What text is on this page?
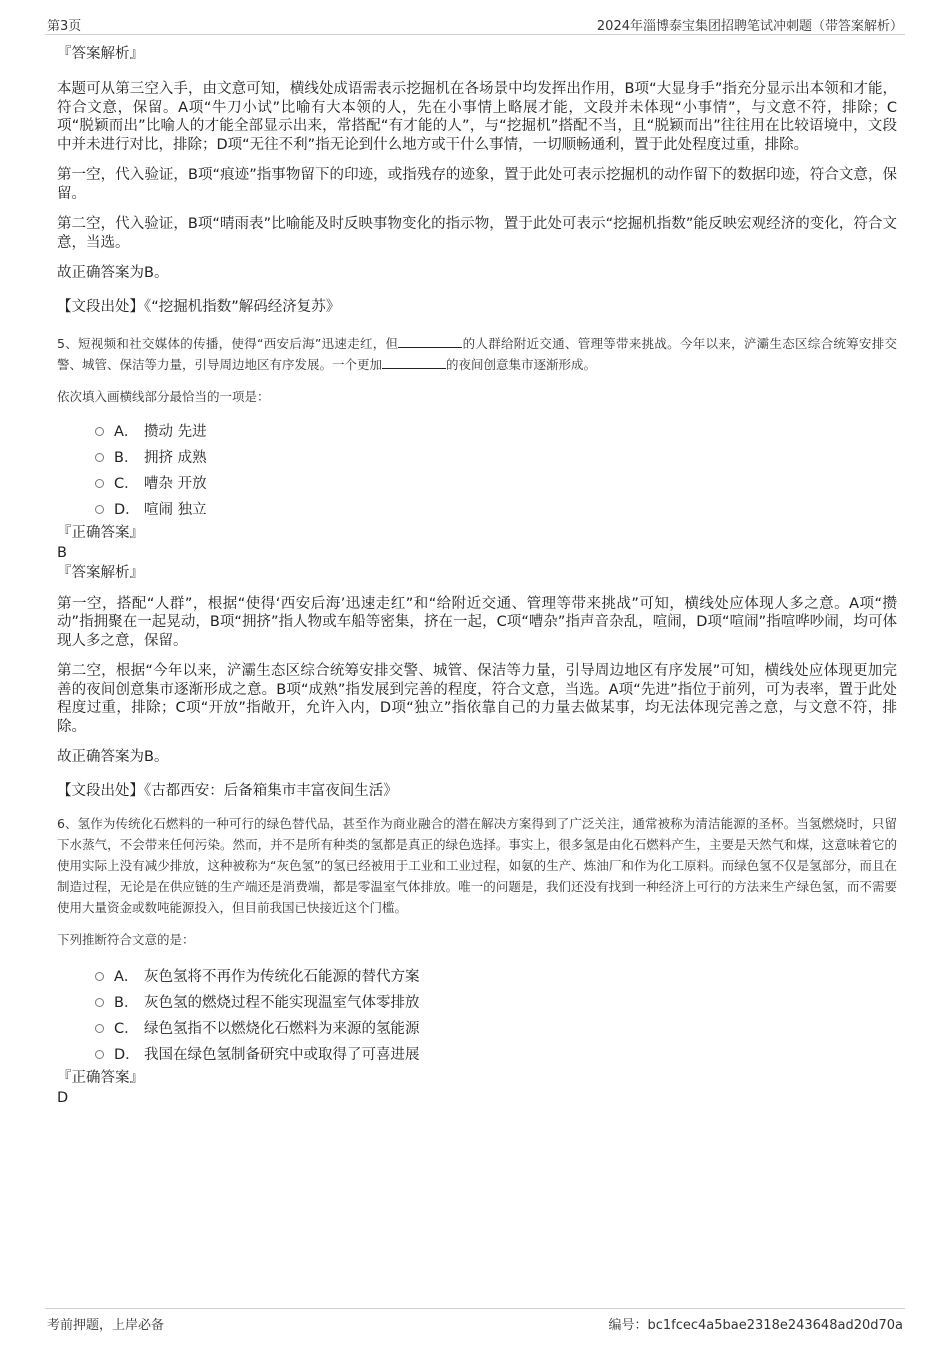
第3页	2024年淄博泰宝集团招聘笔试冲刺题（带答案解析）

『答案解析』

本题可从第三空入手，由文意可知，横线处成语需表示挖掘机在各场景中均发挥出作用，B项“大显身手”指充分显示出本领和才能，符合文意，保留。A项“牛刀小试”比喻有大本领的人，先在小事情上略展才能，文段并未体现“小事情”，与文意不符，排除；C项“脱颖而出”比喻人的才能全部显示出来，常搭配“有才能的人”，与“挖掘机”搭配不当，且“脱颖而出”往往用在比较语境中，文段中并未进行对比，排除；D项“无往不利”指无论到什么地方或干什么事情，一切顺畅通利，置于此处程度过重，排除。

第一空，代入验证，B项“痕迹”指事物留下的印迹，或指残存的迹象，置于此处可表示挖掘机的动作留下的数据印迹，符合文意，保留。

第二空，代入验证，B项“晴雨表”比喻能及时反映事物变化的指示物，置于此处可表示“挖掘机指数”能反映宏观经济的变化，符合文意，当选。

故正确答案为B。

【文段出处】《“挖掘机指数”解码经济复苏》

5、短视频和社交媒体的传播，使得“西安后海”迅速走红，但	的人群给附近交通、管理等带来挑战。今年以来，浐灞生态区综合统筹安排交警、城管、保洁等力量，引导周边地区有序发展。一个更加	的夜间创意集市逐渐形成。

依次填入画横线部分最恰当的一项是：

A． 攒动 先进
B． 拥挤 成熟
C． 嘈杂 开放
D． 喧闹 独立

『正确答案』

B

『答案解析』

第一空，搭配“人群”，根据“使得‘西安后海’迅速走红”和“给附近交通、管理等带来挑战”可知，横线处应体现人多之意。A项“攒动”指拥聚在一起晃动，B项“拥挤”指人物或车船等密集，挤在一起，C项“嘈杂”指声音杂乱，喧闹，D项“喧闹”指喧哗吵闹，均可体现人多之意，保留。

第二空，根据“今年以来，浐灞生态区综合统筹安排交警、城管、保洁等力量，引导周边地区有序发展”可知，横线处应体现更加完善的夜间创意集市逐渐形成之意。B项“成熟”指发展到完善的程度，符合文意，当选。A项“先进”指位于前列，可为表率，置于此处程度过重，排除；C项“开放”指敞开，允许入内，D项“独立”指依靠自己的力量去做某事，均无法体现完善之意，与文意不符，排除。

故正确答案为B。

【文段出处】《古都西安：后备箱集市丰富夜间生活》

6、氢作为传统化石燃料的一种可行的绿色替代品，甚至作为商业融合的潜在解决方案得到了广泛关注，通常被称为清洁能源的圣杯。当氢燃烧时，只留下水蒸气，不会带来任何污染。然而，并不是所有种类的氢都是真正的绿色选择。事实上，很多氢是由化石燃料产生，主要是天然气和煤，这意味着它的使用实际上没有减少排放，这种被称为“灰色氢”的氢已经被用于工业和工业过程，如氨的生产、炼油厂和作为化工原料。而绿色氢不仅是氢部分，而且在制造过程，无论是在供应链的生产端还是消费端，都是零温室气体排放。唯一的问题是，我们还没有找到一种经济上可行的方法来生产绿色氢，而不需要使用大量资金或数吨能源投入，但目前我国已快接近这个门槛。

下列推断符合文意的是：

A． 灰色氢将不再作为传统化石能源的替代方案
B． 灰色氢的燃烧过程不能实现温室气体零排放
C． 绿色氢指不以燃烧化石燃料为来源的氢能源
D． 我国在绿色氢制备研究中或取得了可喜进展

『正确答案』

D

考前押题，上岸必备	编号：bc1fcec4a5bae2318e243648ad20d70a
